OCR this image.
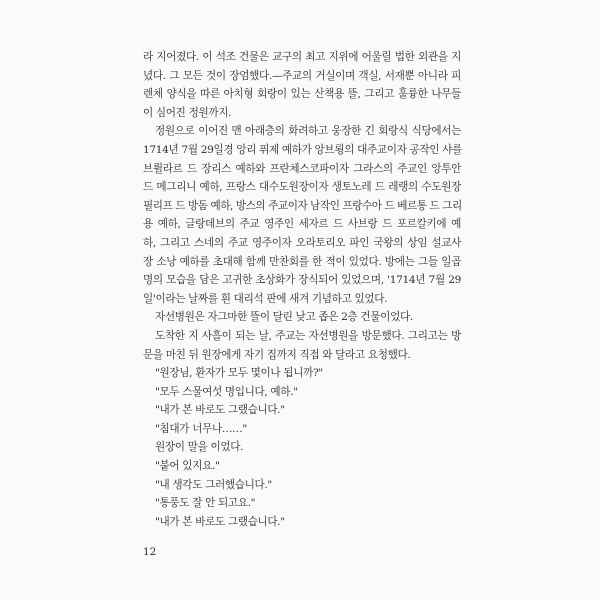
라 지어졌다. 이 석조 건물은 교구의 최고 지위에 어울릴 법한 외관을 지
녔다. 그 모든 것이 장엄했다.—주교의 거실이며 객실, 서재뿐 아니라 피
렌체 양식을 따른 아치형 회랑이 있는 산책용 뜰, 그리고 훌륭한 나무들
이 심어진 정원까지.
정원으로 이어진 맨 아래층의 화려하고 웅장한 긴 회랑식 식당에서는
1714년 7월 29일경 앙리 퓌제 예하가 앙브룅의 대주교이자 공작인 샤를
브륄라르 드 장리스 예하와 프란체스코파이자 그라스의 주교인 앙투안
드 메그리니 예하, 프랑스 대수도원장이자 생토노레 드 레랭의 수도원장
필리프 드 방돔 예하, 방스의 주교이자 남작인 프랑수아 드 베르통 드 그리
용 예하, 글랑데브의 주교 영주인 세자르 드 사브랑 드 포르칼키에 예
하, 그리고 스네의 주교 영주이자 오라토리오 파인 국왕의 상임 설교사
장 소낭 예하를 초대해 함께 만찬회를 한 적이 있었다. 방에는 그들 일곱
명의 모습을 담은 고귀한 초상화가 장식되어 있었으며, '1714년 7월 29
일'이라는 날짜를 흰 대리석 판에 새겨 기념하고 있었다.
자선병원은 자그마한 뜰이 달린 낮고 좁은 2층 건물이었다.
도착한 지 사흘이 되는 날, 주교는 자선병원을 방문했다. 그리고는 방
문을 마친 뒤 원장에게 자기 집까지 직접 와 달라고 요청했다.
"원장님, 환자가 모두 몇이나 됩니까?"
"모두 스물여섯 명입니다, 예하."
"내가 본 바로도 그랬습니다."
"침대가 너무나……"
원장이 말을 이었다.
"붙어 있지요."
"내 생각도 그러했습니다."
"통풍도 잘 안 되고요."
"내가 본 바로도 그랬습니다."
12
